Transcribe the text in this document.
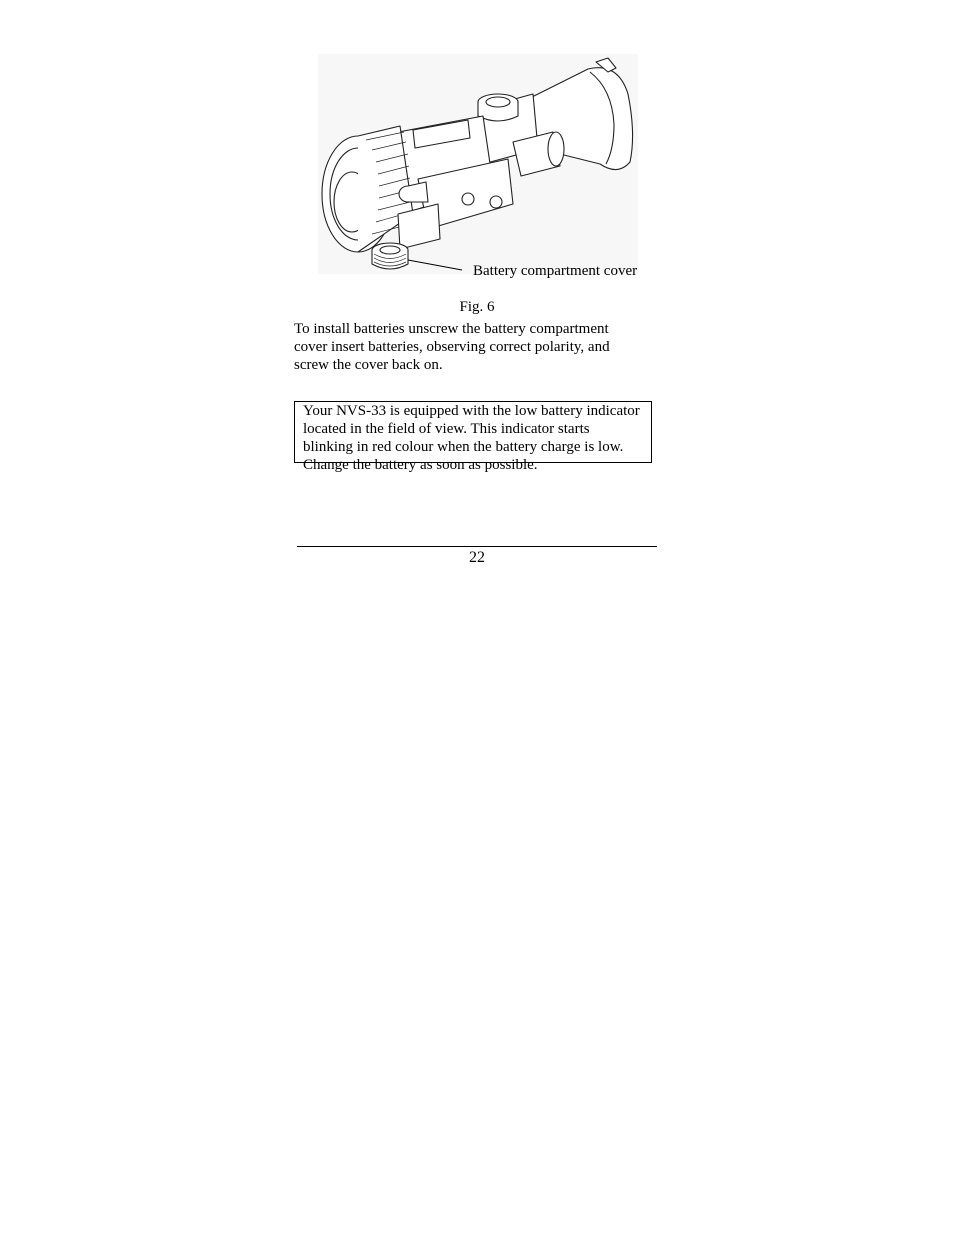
Battery compartment cover
Fig. 6
To install batteries unscrew the battery compartment cover insert batteries, observing correct polarity, and screw the cover back on.

Your NVS-33 is equipped with the low battery indicator located in the field of view. This indicator starts blinking in red colour when the battery charge is low. Change the battery as soon as possible.

22
